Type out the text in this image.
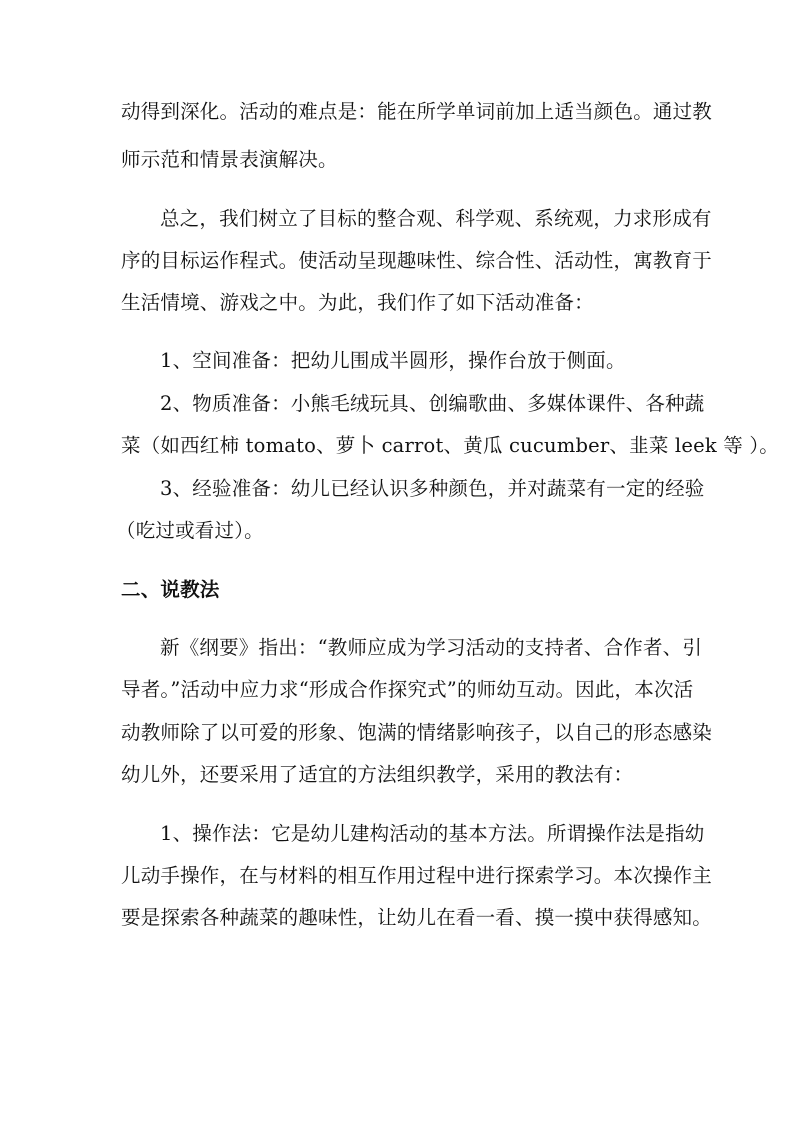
动得到深化。活动的难点是：能在所学单词前加上适当颜色。通过教
师示范和情景表演解决。
总之，我们树立了目标的整合观、科学观、系统观，力求形成有
序的目标运作程式。使活动呈现趣味性、综合性、活动性，寓教育于
生活情境、游戏之中。为此，我们作了如下活动准备：
1、空间准备：把幼儿围成半圆形，操作台放于侧面。
2、物质准备：小熊毛绒玩具、创编歌曲、多媒体课件、各种蔬
菜（如西红柿 tomato、萝卜 carrot、黄瓜 cucumber、韭菜 leek 等 ）。
3、经验准备：幼儿已经认识多种颜色，并对蔬菜有一定的经验
（吃过或看过）。
二、说教法
新《纲要》指出：“教师应成为学习活动的支持者、合作者、引
导者。”活动中应力求“形成合作探究式”的师幼互动。因此，本次活
动教师除了以可爱的形象、饱满的情绪影响孩子，以自己的形态感染
幼儿外，还要采用了适宜的方法组织教学，采用的教法有：
1、操作法：它是幼儿建构活动的基本方法。所谓操作法是指幼
儿动手操作，在与材料的相互作用过程中进行探索学习。本次操作主
要是探索各种蔬菜的趣味性，让幼儿在看一看、摸一摸中获得感知。
